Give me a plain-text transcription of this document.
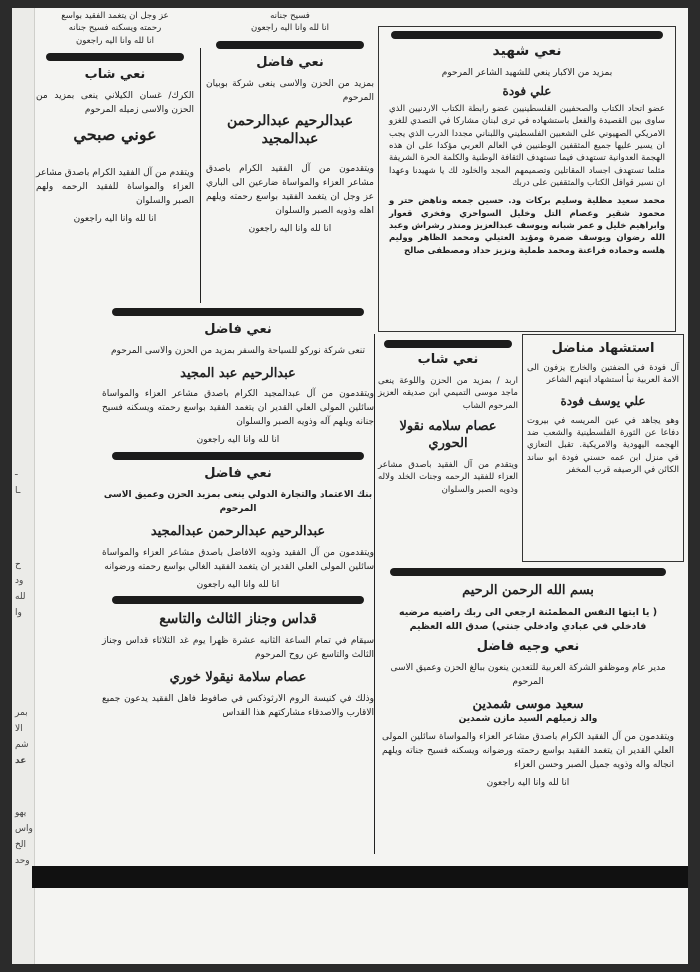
ـ
ـا
ح
ود
لله
وا
بمر
الا
شم
عد
يهو
واس
الخ
وحد

عز وجل ان يتغمد الفقيد بواسع

رحمته ويسكنه فسيح جنانه

انا لله وانا اليه راجعون

نعي شاب

الكرك/ غسان الكيلاني ينعى بمزيد من الحزن والاسى زميله المرحوم

عوني صبحي

ويتقدم من آل الفقيد الكرام باصدق مشاعر العزاء والمواساة للفقيد الرحمه ولهم الصبر والسلوان

انا لله وانا اليه راجعون

فسيح جنانه

انا لله وانا اليه راجعون

نعي فاضل

بمزيد من الحزن والاسى ينعى شركة بوبيان المرحوم

عبدالرحيم عبدالرحمن عبدالمجيد

ويتقدمون من آل الفقيد الكرام باصدق مشاعر العزاء والمواساة ضارعين الى الباري عز وجل ان يتغمد الفقيد بواسع رحمته ويلهم اهله وذويه الصبر والسلوان

انا لله وانا اليه راجعون

نعي فاضل

تنعى شركة نوركو للسياحة والسفر بمزيد من الحزن والاسى المرحوم

عبدالرحيم عبد المجيد

ويتقدمون من آل عبدالمجيد الكرام باصدق مشاعر العزاء والمواساة سائلين المولى العلي القدير ان يتغمد الفقيد بواسع رحمته ويسكنه فسيح جنانه ويلهم آله وذويه الصبر والسلوان

انا لله وانا اليه راجعون

نعي فاضل

بنك الاعتماد والتجارة الدولي ينعى بمزيد الحزن وعميق الاسى المرحوم

عبدالرحيم عبدالرحمن عبدالمجيد

ويتقدمون من آل الفقيد وذويه الافاضل باصدق مشاعر العزاء والمواساة سائلين المولى العلي القدير ان يتغمد الفقيد الغالي بواسع رحمته ورضوانه

انا لله وانا اليه راجعون

قداس وجناز الثالث والتاسع

سيقام في تمام الساعة الثانيه عشرة ظهرا يوم غد الثلاثاء قداس وجناز الثالث والتاسع عن روح المرحوم

عصام سلامة نيقولا خوري

وذلك في كنيسة الروم الارثوذكس في صافوط فاهل الفقيد يدعون جميع الاقارب والاصدقاء مشاركتهم هذا القداس

نعي شهيد

بمزيد من الاكبار ينعي للشهيد الشاعر المرحوم

علي فودة

عضو اتحاد الكتاب والصحفيين الفلسطينيين عضو رابطة الكتاب الاردنيين الذي ساوى بين القصيدة والفعل باستشهاده في ترى لبنان مشاركا في التصدي للغزو الامريكي الصهيوني على الشعبين الفلسطيني واللبناني مجددا الدرب الذي يجب ان يسير عليها جميع المثقفين الوطنيين في العالم العربي مؤكدا على ان هذه الهجمة العدوانية تستهدف فيما تستهدف الثقافة الوطنية والكلمة الحرة الشريفة مثلما تستهدف اجساد المقاتلين وتصميمهم المجد والخلود لك يا شهيدنا وعهدا ان نسير قوافل الكتاب والمثقفين على دربك

محمد سعيد مظلية وسليم بركات ود. حسين جمعه وناهض حتر و محمود شقير وعصام التل وخليل السواحري وفخري قعوار وابراهيم خليل و عمر شبانه ويوسف عبدالعزيز ومنذر رشراش وعبد الله رضوان ويوسف ضمرة ومؤيد العتيلي ومحمد الظاهر ووليم هلسه وحماده فراعنة ومحمد طملية ونزيز حداد ومصطفى صالح

استشهاد مناضل

آل فودة في الضفتين والخارج يزفون الى الامة العربية نبأ استشهاد ابنهم الشاعر

علي يوسف فودة

وهو يجاهد في عين المريسه في بيروت دفاعا عن الثورة الفلسطينية والشعب ضد الهجمه اليهودية والامريكية. تقبل التعازي في منزل ابن عمه حسني فودة ابو ساند الكائن في الرصيفه قرب المخفر

نعي شاب

اربد / بمزيد من الحزن واللوعة ينعى ماجد موسى التميمي ابن صديقه العزيز المرحوم الشاب

عصام سلامه نقولا الحوري

ويتقدم من آل الفقيد باصدق مشاعر العزاء للفقيد الرحمه وجنات الخلد ولاله وذويه الصبر والسلوان

بسم الله الرحمن الرحيم

( يا ايتها النفس المطمئنة ارجعي الى ربك راضيه مرضيه فادخلي في عبادي وادخلي جنتي) صدق الله العظيم

نعي وجيه فاضل

مدير عام وموظفو الشركة العربية للتعدين ينعون ببالغ الحزن وعميق الاسى المرحوم

سعيد موسى شمدين

والد زميلهم السيد مازن شمدين

ويتقدمون من آل الفقيد الكرام باصدق مشاعر العزاء والمواساة سائلين المولى العلي القدير ان يتغمد الفقيد بواسع رحمته ورضوانه ويسكنه فسيح جناته ويلهم انجاله واله وذويه جميل الصبر وحسن العزاء

انا لله وانا اليه راجعون
